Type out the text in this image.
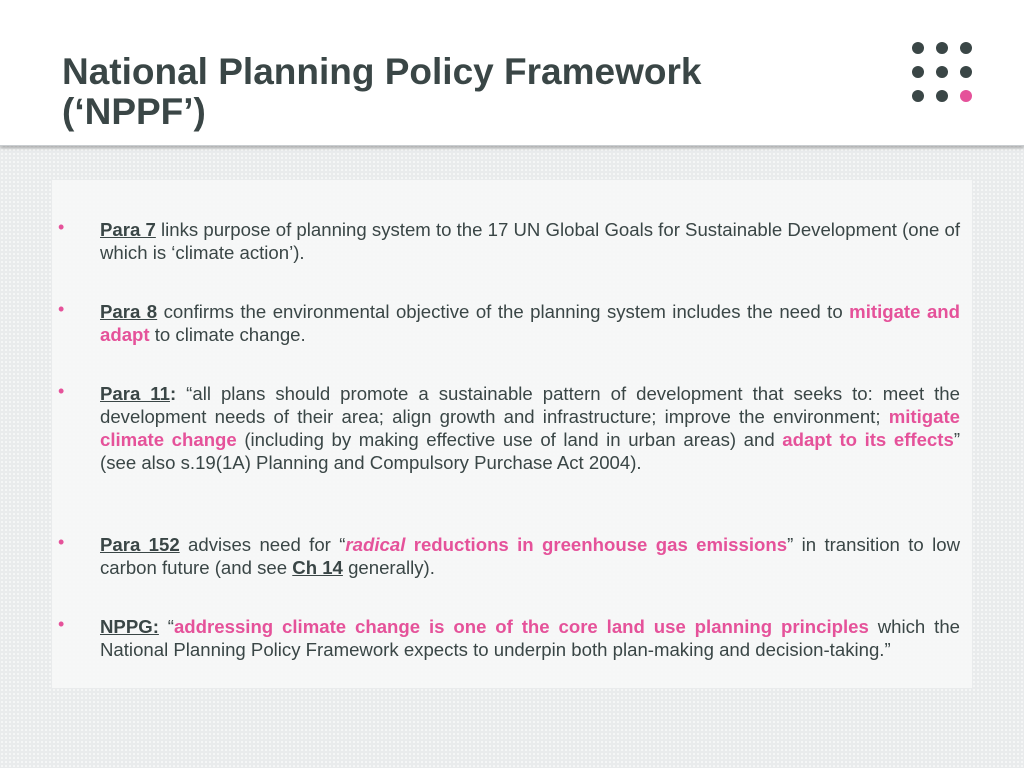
National Planning Policy Framework
(‘NPPF’)
• Para 7 links purpose of planning system to the 17 UN Global Goals for Sustainable Development (one of which is ‘climate action’).
• Para 8 confirms the environmental objective of the planning system includes the need to mitigate and adapt to climate change.
• Para 11: “all plans should promote a sustainable pattern of development that seeks to: meet the development needs of their area; align growth and infrastructure; improve the environment; mitigate climate change (including by making effective use of land in urban areas) and adapt to its effects” (see also s.19(1A) Planning and Compulsory Purchase Act 2004).
• Para 152 advises need for “radical reductions in greenhouse gas emissions” in transition to low carbon future (and see Ch 14 generally).
• NPPG: “addressing climate change is one of the core land use planning principles which the National Planning Policy Framework expects to underpin both plan-making and decision-taking.”
